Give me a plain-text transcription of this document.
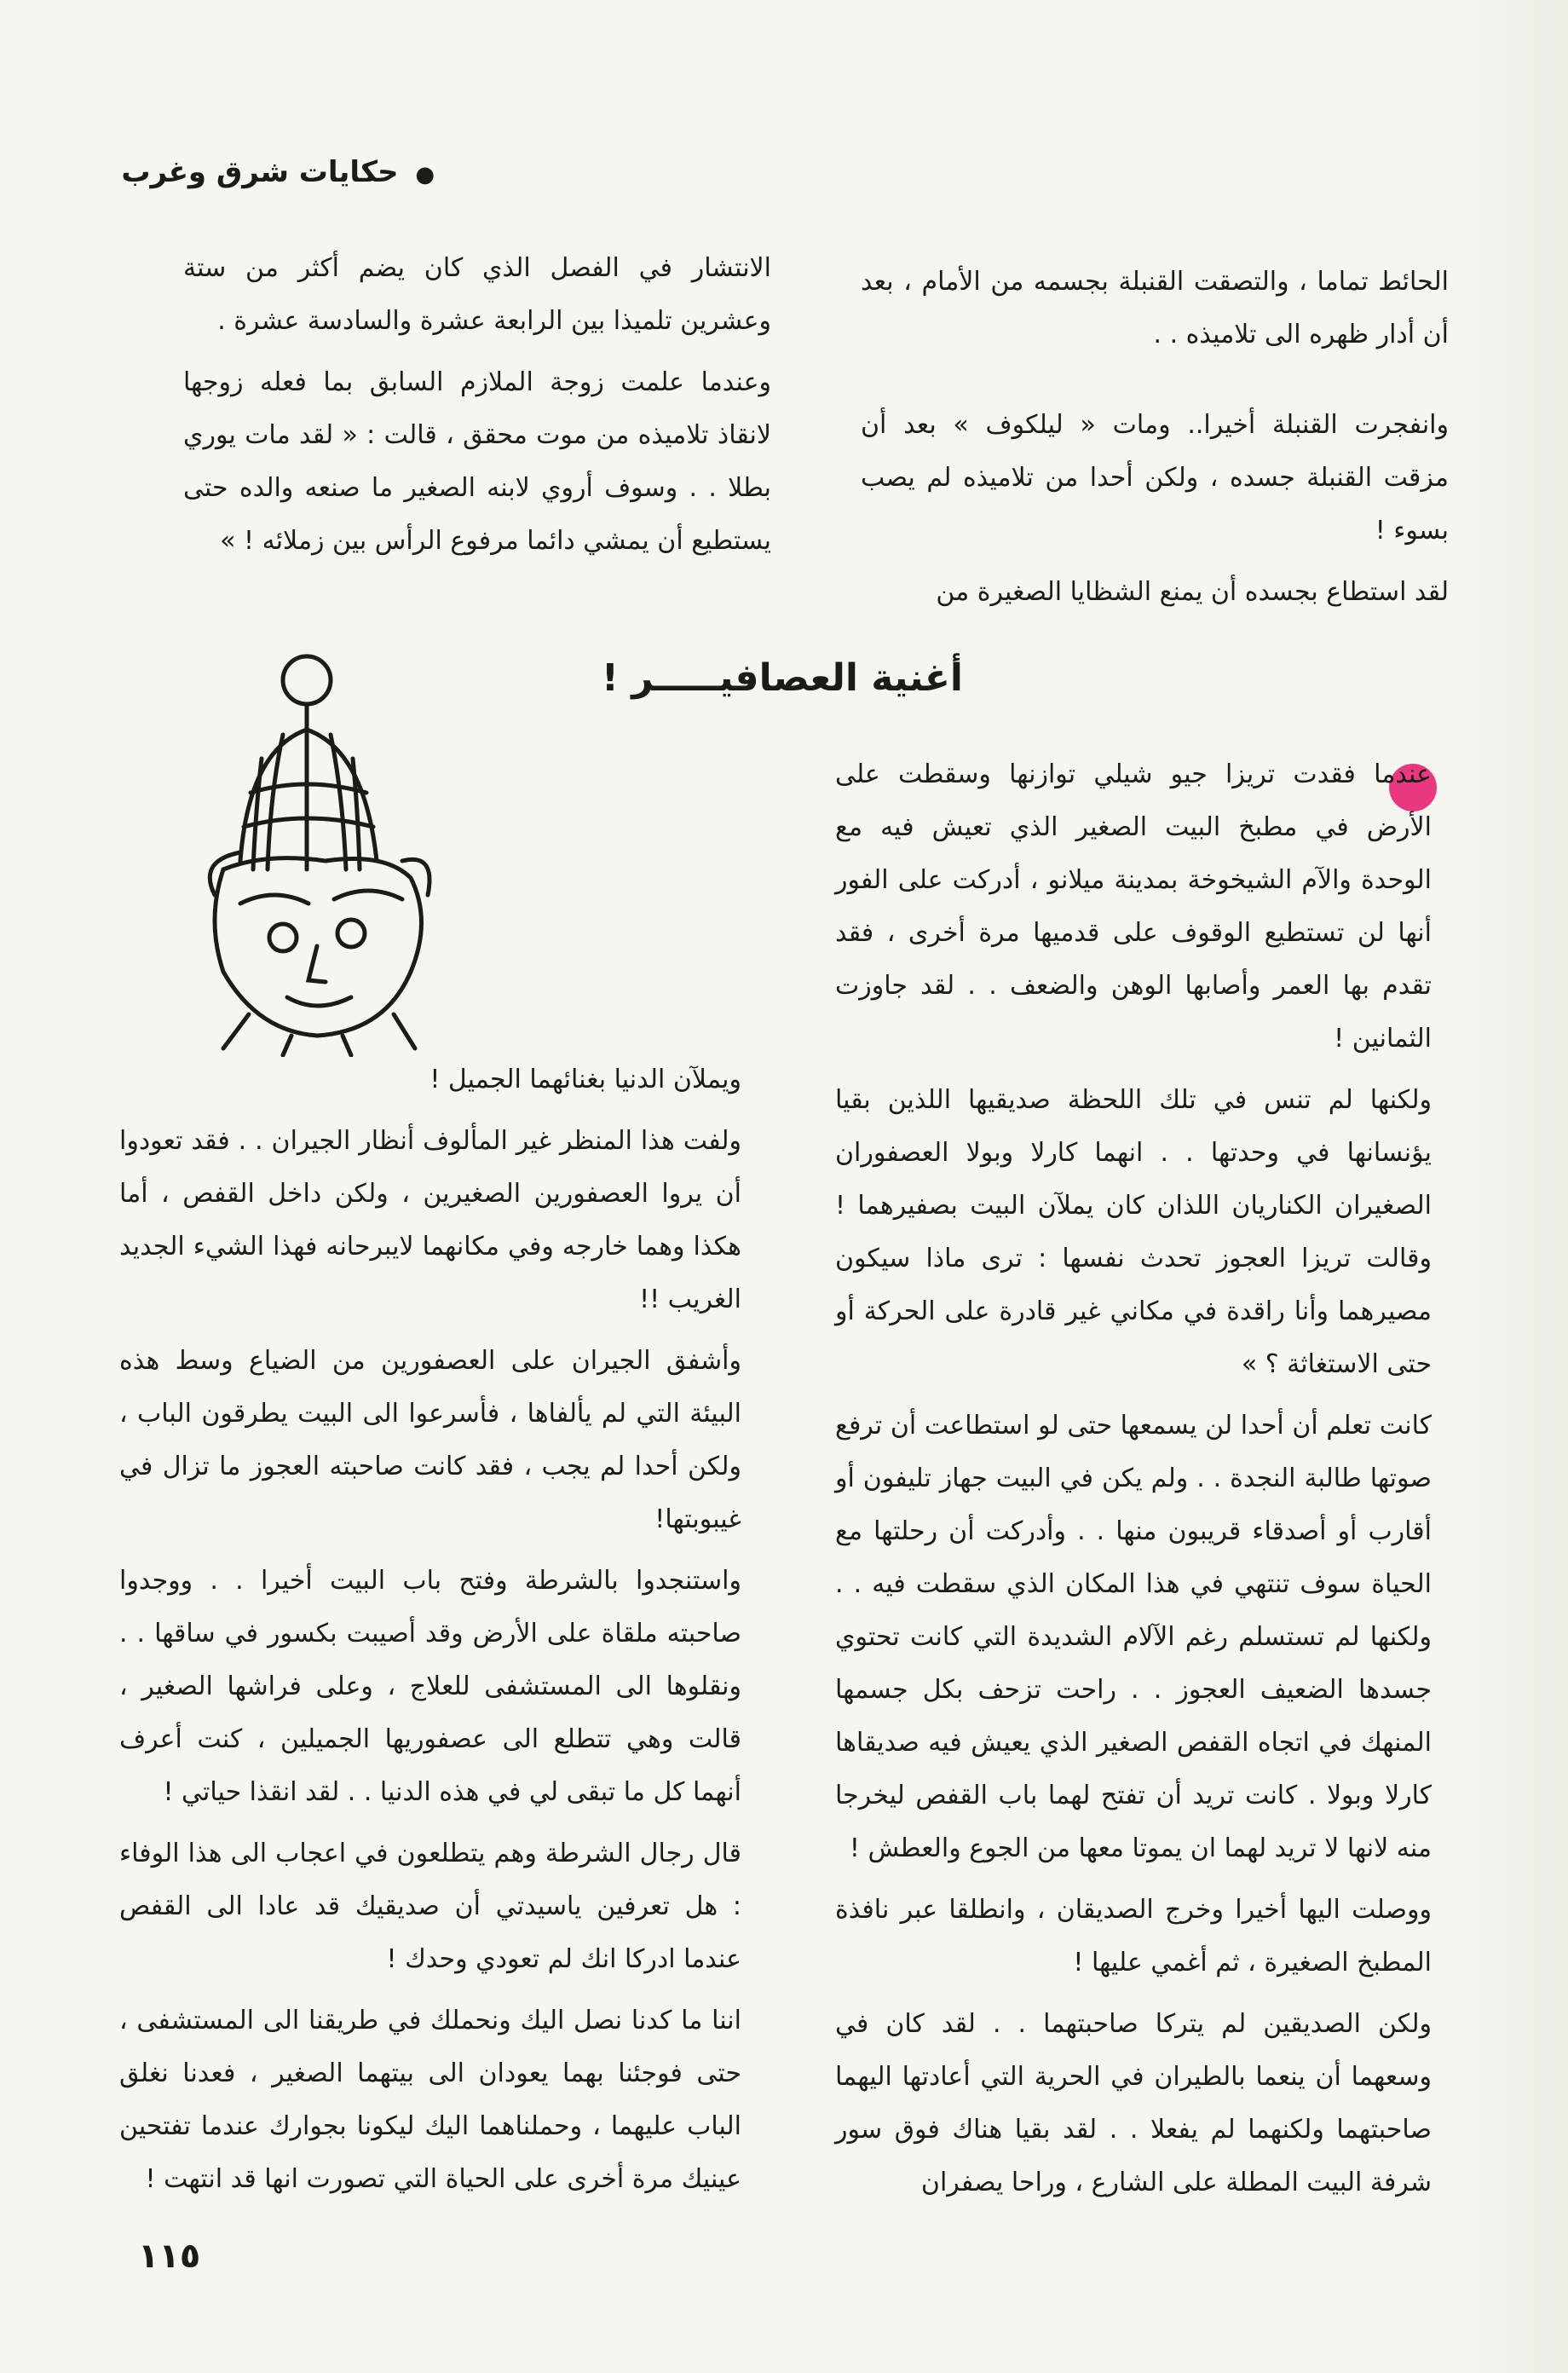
● حكايات شرق وغرب

الحائط تماما ، والتصقت القنبلة بجسمه من الأمام ، بعد أن أدار ظهره الى تلاميذه . .

وانفجرت القنبلة أخيرا.. ومات « ليلكوف » بعد أن مزقت القنبلة جسده ، ولكن أحدا من تلاميذه لم يصب بسوء !

لقد استطاع بجسده أن يمنع الشظايا الصغيرة من

الانتشار في الفصل الذي كان يضم أكثر من ستة وعشرين تلميذا بين الرابعة عشرة والسادسة عشرة .

وعندما علمت زوجة الملازم السابق بما فعله زوجها لانقاذ تلاميذه من موت محقق ، قالت : « لقد مات يوري بطلا . . وسوف أروي لابنه الصغير ما صنعه والده حتى يستطيع أن يمشي دائما مرفوع الرأس بين زملائه ! »

أغنية العصافيـــــر !

عندما فقدت تريزا جيو شيلي توازنها وسقطت على الأرض في مطبخ البيت الصغير الذي تعيش فيه مع الوحدة والآم الشيخوخة بمدينة ميلانو ، أدركت على الفور أنها لن تستطيع الوقوف على قدميها مرة أخرى ، فقد تقدم بها العمر وأصابها الوهن والضعف . . لقد جاوزت الثمانين !

ولكنها لم تنس في تلك اللحظة صديقيها اللذين بقيا يؤنسانها في وحدتها . . انهما كارلا وبولا العصفوران الصغيران الكناريان اللذان كان يملآن البيت بصفيرهما ! وقالت تريزا العجوز تحدث نفسها : ترى ماذا سيكون مصيرهما وأنا راقدة في مكاني غير قادرة على الحركة أو حتى الاستغاثة ؟ »

كانت تعلم أن أحدا لن يسمعها حتى لو استطاعت أن ترفع صوتها طالبة النجدة . . ولم يكن في البيت جهاز تليفون أو أقارب أو أصدقاء قريبون منها . . وأدركت أن رحلتها مع الحياة سوف تنتهي في هذا المكان الذي سقطت فيه . . ولكنها لم تستسلم رغم الآلام الشديدة التي كانت تحتوي جسدها الضعيف العجوز . . راحت تزحف بكل جسمها المنهك في اتجاه القفص الصغير الذي يعيش فيه صديقاها كارلا وبولا . كانت تريد أن تفتح لهما باب القفص ليخرجا منه لانها لا تريد لهما ان يموتا معها من الجوع والعطش !

ووصلت اليها أخيرا وخرج الصديقان ، وانطلقا عبر نافذة المطبخ الصغيرة ، ثم أغمي عليها !

ولكن الصديقين لم يتركا صاحبتهما . . لقد كان في وسعهما أن ينعما بالطيران في الحرية التي أعادتها اليهما صاحبتهما ولكنهما لم يفعلا . . لقد بقيا هناك فوق سور شرفة البيت المطلة على الشارع ، وراحا يصفران

ويملآن الدنيا بغنائهما الجميل !

ولفت هذا المنظر غير المألوف أنظار الجيران . . فقد تعودوا أن يروا العصفورين الصغيرين ، ولكن داخل القفص ، أما هكذا وهما خارجه وفي مكانهما لايبرحانه فهذا الشيء الجديد الغريب !!

وأشفق الجيران على العصفورين من الضياع وسط هذه البيئة التي لم يألفاها ، فأسرعوا الى البيت يطرقون الباب ، ولكن أحدا لم يجب ، فقد كانت صاحبته العجوز ما تزال في غيبوبتها!

واستنجدوا بالشرطة وفتح باب البيت أخيرا . . ووجدوا صاحبته ملقاة على الأرض وقد أصيبت بكسور في ساقها . . ونقلوها الى المستشفى للعلاج ، وعلى فراشها الصغير ، قالت وهي تتطلع الى عصفوريها الجميلين ، كنت أعرف أنهما كل ما تبقى لي في هذه الدنيا . . لقد انقذا حياتي !

قال رجال الشرطة وهم يتطلعون في اعجاب الى هذا الوفاء : هل تعرفين ياسيدتي أن صديقيك قد عادا الى القفص عندما ادركا انك لم تعودي وحدك !

اننا ما كدنا نصل اليك ونحملك في طريقنا الى المستشفى ، حتى فوجئنا بهما يعودان الى بيتهما الصغير ، فعدنا نغلق الباب عليهما ، وحملناهما اليك ليكونا بجوارك عندما تفتحين عينيك مرة أخرى على الحياة التي تصورت انها قد انتهت !

١١٥
